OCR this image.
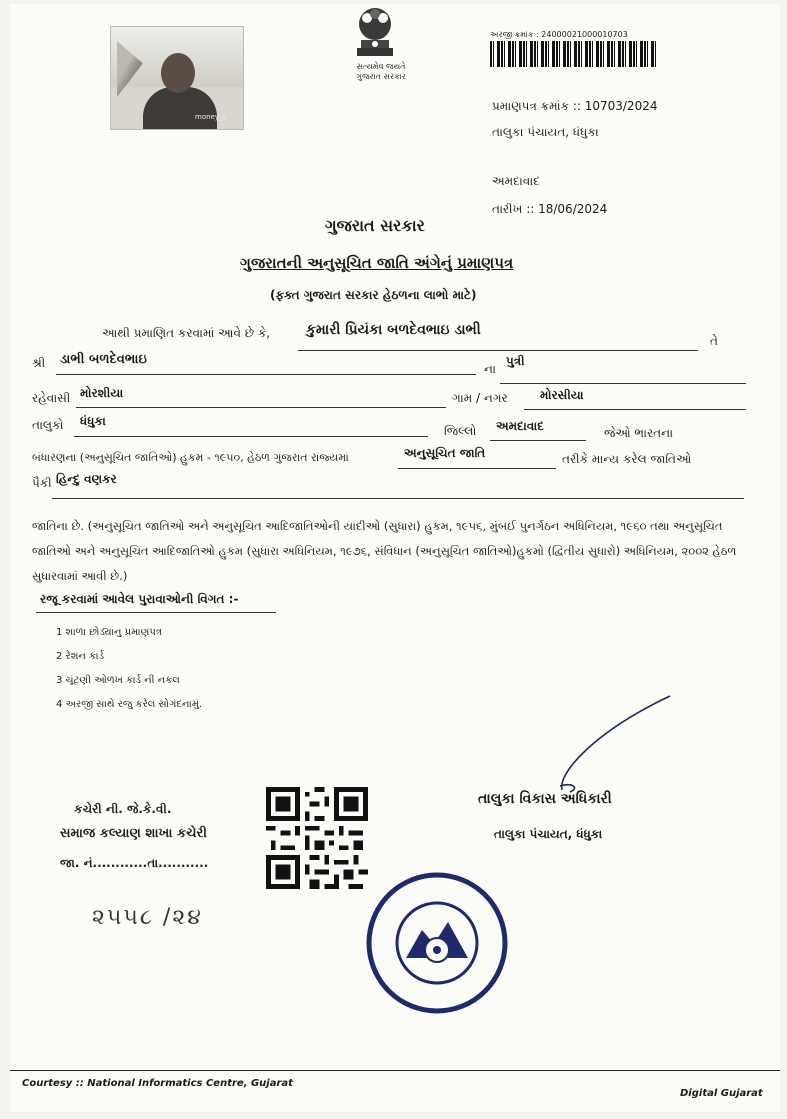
money_s
સત્યમેવ જયતે
ગુજરાત સરકાર
અરજી ક્રમાંક : 24000021000010703
પ્રમાણપત્ર ક્રમાંક :: 10703/2024
તાલુકા પંચાયત, ધંધુકા
અમદાવાદ
તારીખ :: 18/06/2024
ગુજરાત સરકાર
ગુજરાતની અનુસૂચિત જાતિ અંગેનું પ્રમાણપત્ર
(ફક્ત ગુજરાત સરકાર હેઠળના લાભો માટે)
આથી પ્રમાણિત કરવામાં આવે છે કે,	કુમારી પ્રિયંકા બળદેવભાઇ ડાભી
તે
શ્રી ડાભી બળદેવભાઇ
ના
પુત્રી
રહેવાસી મોરશીયા	ગામ / નગર	મોરસીયા
તાલુકો ધંધુકા
જિલ્લો અમદાવાદ	જેઓ ભારતના
બંધારણના (અનુસૂચિત જાતિઓ) હુકમ - ૧૯૫૦, હેઠળ ગુજરાત રાજ્યમાં	અનુસૂચિત જાતિ	તરીકે માન્ય કરેલ જાતિઓ
પૈકી હિન્દુ વણકર
જાતિના છે. (અનુસૂચિત જાતિઓ અને અનુસૂચિત આદિજાતિઓની યાદીઓ (સુધારા) હુકમ, ૧૯૫૬, મુંબઈ પુનર્ગઠન અધિનિયમ, ૧૯૬૦ તથા અનુસૂચિત જાતિઓ અને અનુસૂચિત આદિજાતિઓ હુકમ (સુધારા અધિનિયમ, ૧૯૭૬, સંવિધાન (અનુસૂચિત જાતિઓ)હુકમો (દ્વિતીય સુધારો) અધિનિયમ, ૨૦૦૨ હેઠળ સુધારવામાં આવી છે.)
રજૂ કરવામાં આવેલ પુરાવાઓની વિગત :-
1 શાળા છોડ્યાનુ પ્રમાણપત્ર
2 રેશન કાર્ડ
3 ચૂંટણી ઓળખ કાર્ડ ની નકલ
4 અરજી સાથે રજુ કરેલ સોગંદનામું.
કચેરી ની. જે.કે.વી.
સમાજ કલ્યાણ શાખા કચેરી
જા. નં............તા...........
૨૫૫૮ /૨૪
તાલુકા વિકાસ અધિકારી
તાલુકા પંચાયત, ધંધુકા
Courtesy :: National Informatics Centre, Gujarat
Digital Gujarat
